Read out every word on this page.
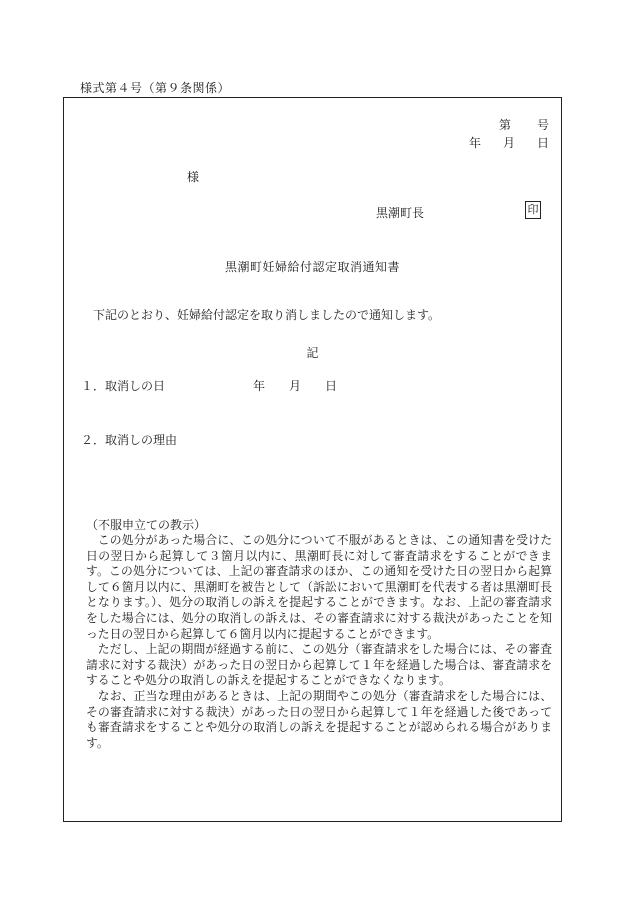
様式第４号（第９条関係）
第 号
年 月 日
様
黒潮町長	印
黒潮町妊婦給付認定取消通知書
下記のとおり、妊婦給付認定を取り消しましたので通知します。
記
１．取消しの日	年　　月　　日
２．取消しの理由
（不服申立ての教示）

この処分があった場合に、この処分について不服があるときは、この通知書を受けた日の翌日から起算して３箇月以内に、黒潮町長に対して審査請求をすることができます。この処分については、上記の審査請求のほか、この通知を受けた日の翌日から起算して６箇月以内に、黒潮町を被告として（訴訟において黒潮町を代表する者は黒潮町長となります。）、処分の取消しの訴えを提起することができます。なお、上記の審査請求をした場合には、処分の取消しの訴えは、その審査請求に対する裁決があったことを知った日の翌日から起算して６箇月以内に提起することができます。

ただし、上記の期間が経過する前に、この処分（審査請求をした場合には、その審査請求に対する裁決）があった日の翌日から起算して１年を経過した場合は、審査請求をすることや処分の取消しの訴えを提起することができなくなります。

なお、正当な理由があるときは、上記の期間やこの処分（審査請求をした場合には、その審査請求に対する裁決）があった日の翌日から起算して１年を経過した後であっても審査請求をすることや処分の取消しの訴えを提起することが認められる場合があります。
